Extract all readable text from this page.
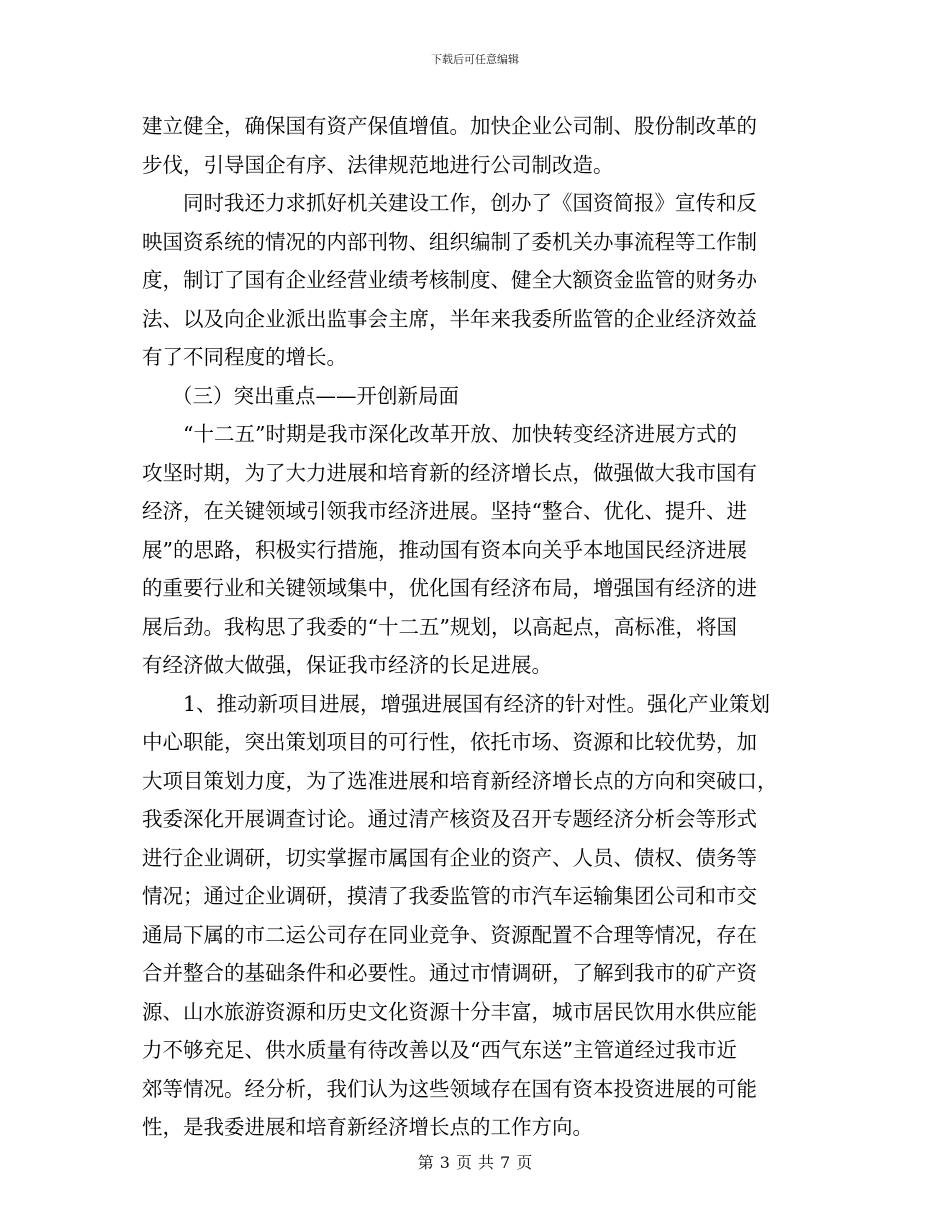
下载后可任意编辑
建立健全，确保国有资产保值增值。加快企业公司制、股份制改革的
步伐，引导国企有序、法律规范地进行公司制改造。
同时我还力求抓好机关建设工作，创办了《国资简报》宣传和反
映国资系统的情况的内部刊物、组织编制了委机关办事流程等工作制
度，制订了国有企业经营业绩考核制度、健全大额资金监管的财务办
法、以及向企业派出监事会主席，半年来我委所监管的企业经济效益
有了不同程度的增长。
（三）突出重点——开创新局面
“十二五”时期是我市深化改革开放、加快转变经济进展方式的
攻坚时期，为了大力进展和培育新的经济增长点，做强做大我市国有
经济，在关键领域引领我市经济进展。坚持“整合、优化、提升、进
展”的思路，积极实行措施，推动国有资本向关乎本地国民经济进展
的重要行业和关键领域集中，优化国有经济布局，增强国有经济的进
展后劲。我构思了我委的“十二五”规划，以高起点，高标准，将国
有经济做大做强，保证我市经济的长足进展。
1、推动新项目进展，增强进展国有经济的针对性。强化产业策划
中心职能，突出策划项目的可行性，依托市场、资源和比较优势，加
大项目策划力度，为了选准进展和培育新经济增长点的方向和突破口，
我委深化开展调查讨论。通过清产核资及召开专题经济分析会等形式
进行企业调研，切实掌握市属国有企业的资产、人员、债权、债务等
情况；通过企业调研，摸清了我委监管的市汽车运输集团公司和市交
通局下属的市二运公司存在同业竞争、资源配置不合理等情况，存在
合并整合的基础条件和必要性。通过市情调研，了解到我市的矿产资
源、山水旅游资源和历史文化资源十分丰富，城市居民饮用水供应能
力不够充足、供水质量有待改善以及“西气东送”主管道经过我市近
郊等情况。经分析，我们认为这些领域存在国有资本投资进展的可能
性，是我委进展和培育新经济增长点的工作方向。
第 3 页 共 7 页
